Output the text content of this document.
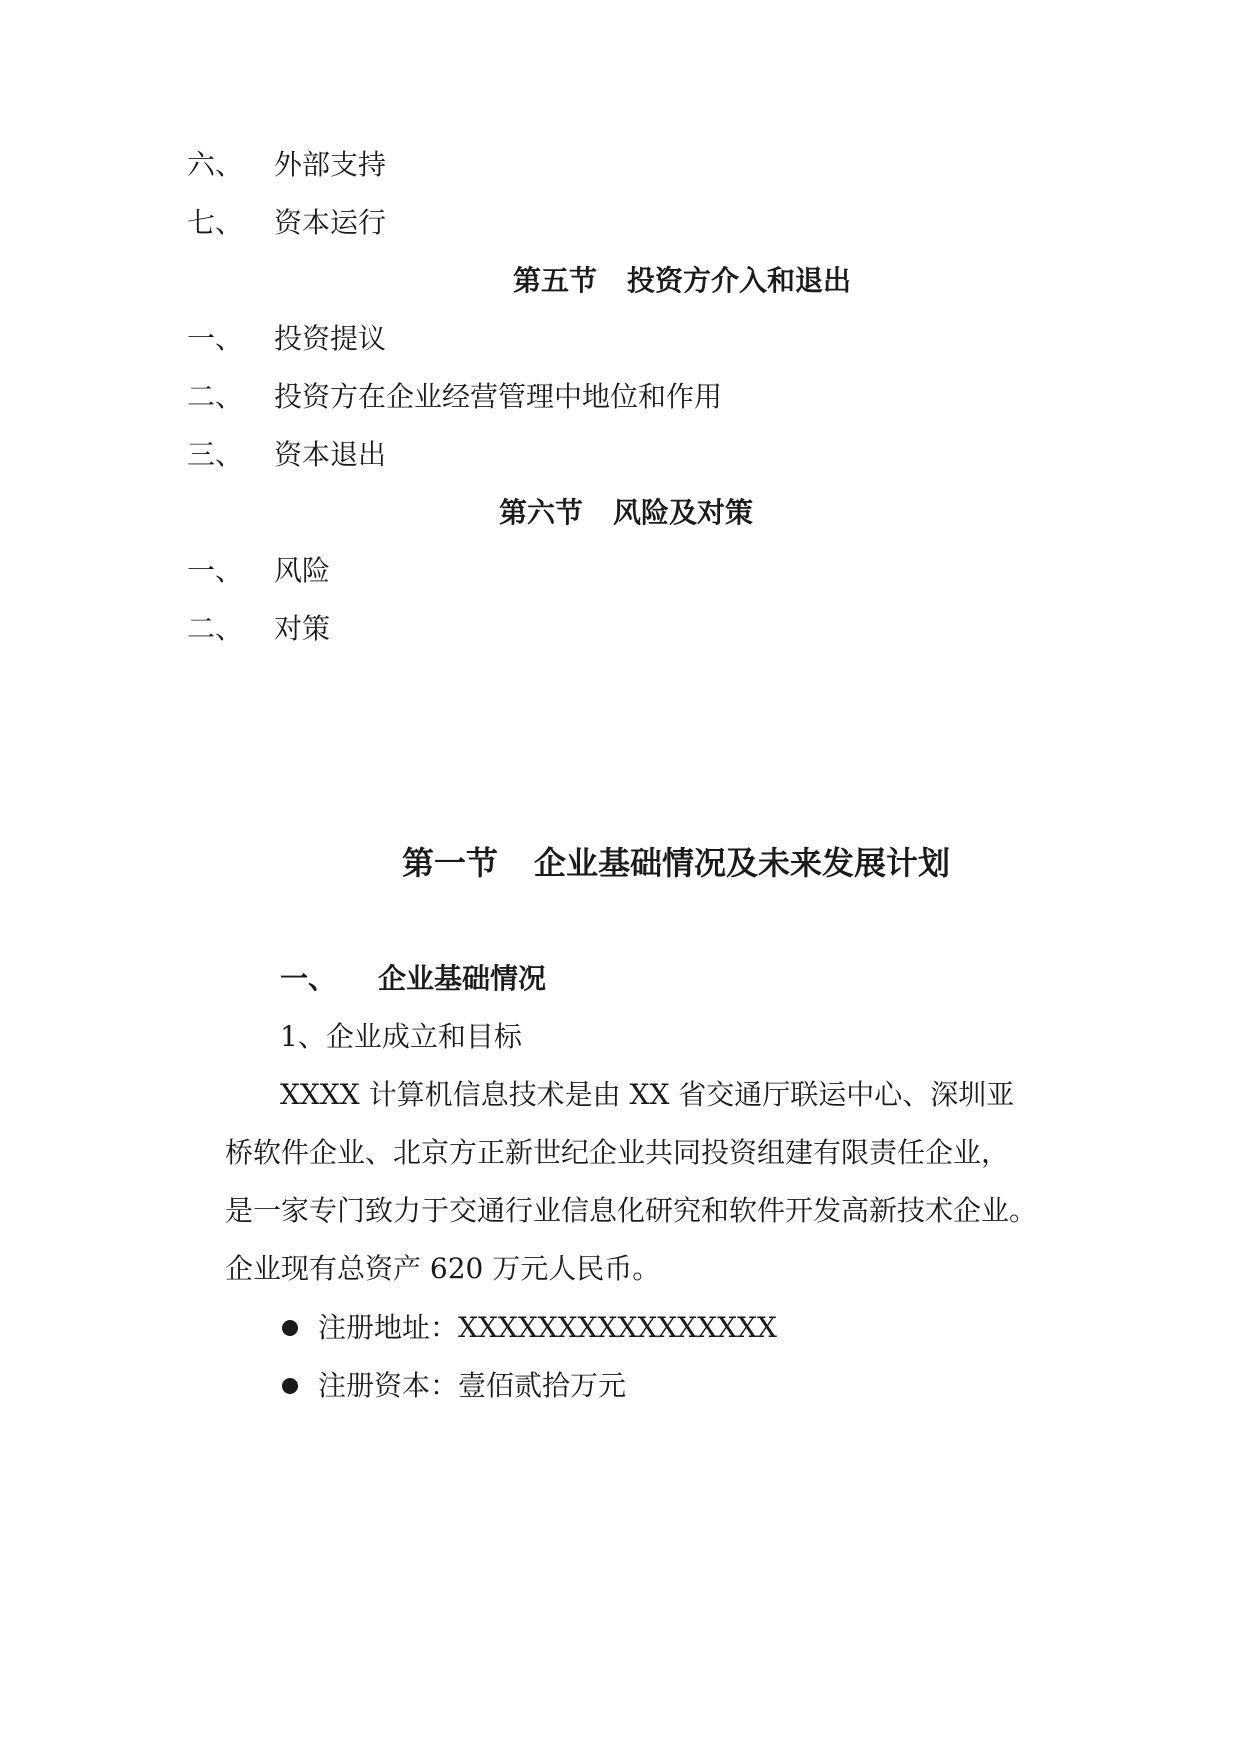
六、 外部支持
七、 资本运行
第五节 投资方介入和退出
一、 投资提议
二、 投资方在企业经营管理中地位和作用
三、 资本退出
第六节 风险及对策
一、 风险
二、 对策
第一节 企业基础情况及未来发展计划
一、 企业基础情况
1、企业成立和目标
XXXX 计算机信息技术是由 XX 省交通厅联运中心、深圳亚
桥软件企业、北京方正新世纪企业共同投资组建有限责任企业，
是一家专门致力于交通行业信息化研究和软件开发高新技术企业。
企业现有总资产 620 万元人民币。
注册地址：XXXXXXXXXXXXXXXX
注册资本：壹佰贰拾万元
